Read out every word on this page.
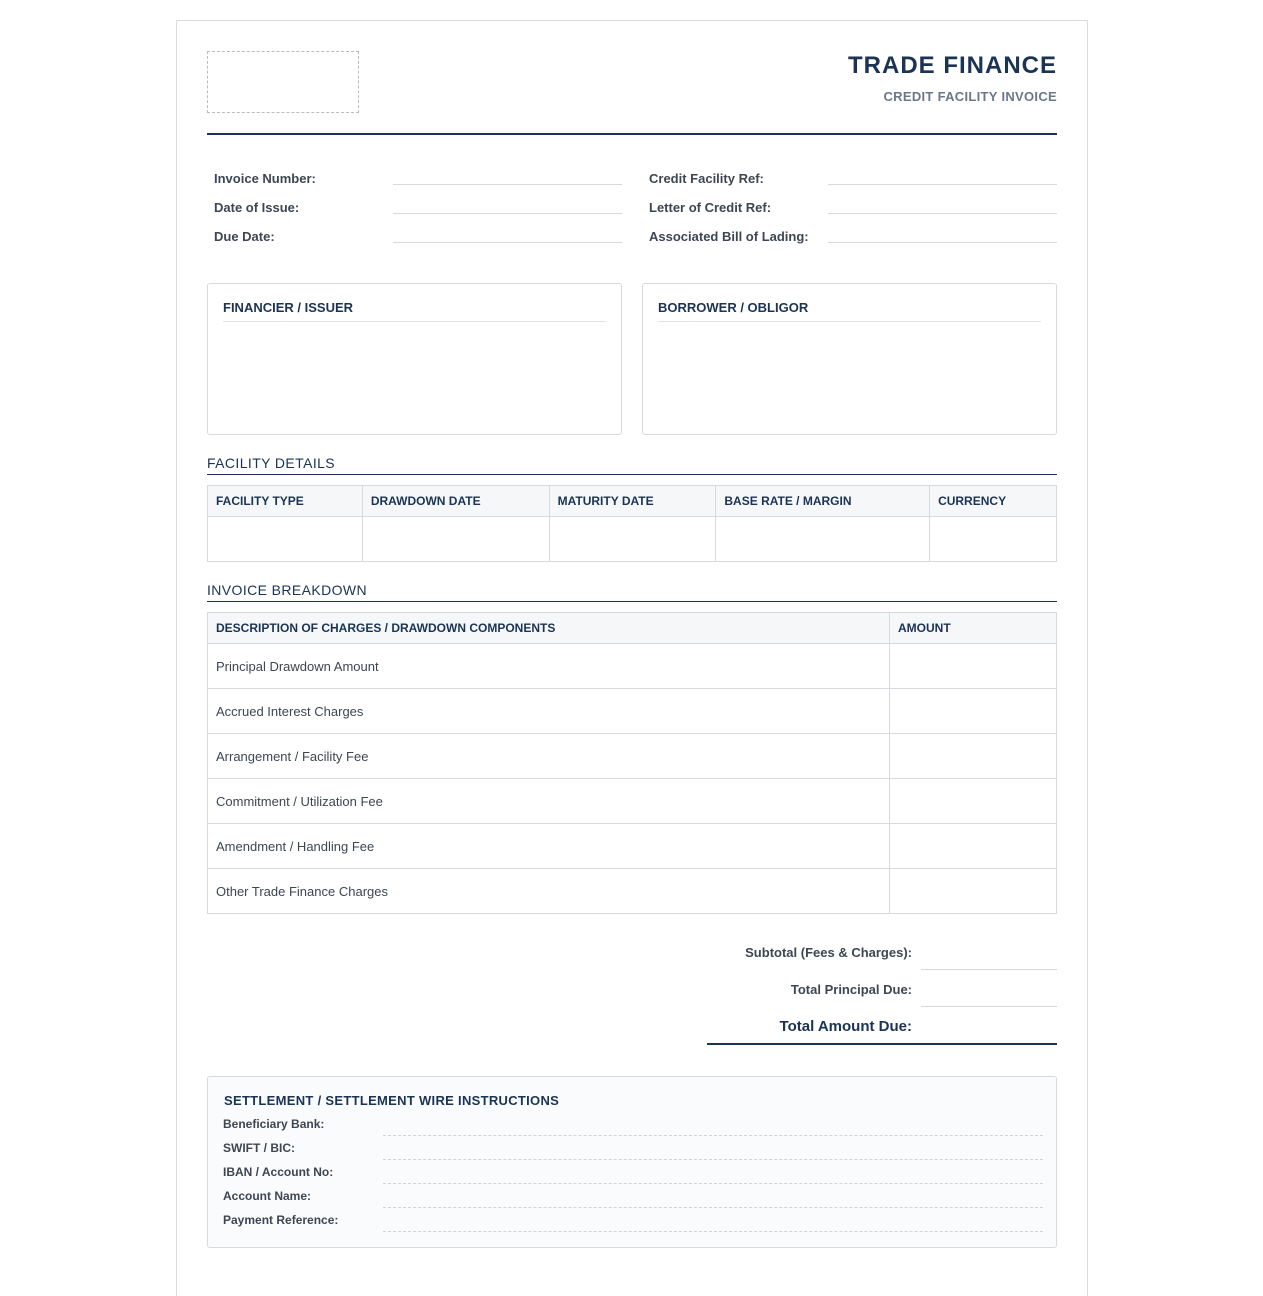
TRADE FINANCE
CREDIT FACILITY INVOICE
Invoice Number:
Date of Issue:
Due Date:
Credit Facility Ref:
Letter of Credit Ref:
Associated Bill of Lading:
FINANCIER / ISSUER	BORROWER / OBLIGOR
FACILITY DETAILS
FACILITY TYPE	DRAWDOWN DATE	MATURITY DATE	BASE RATE / MARGIN	CURRENCY

INVOICE BREAKDOWN
DESCRIPTION OF CHARGES / DRAWDOWN COMPONENTS	AMOUNT
Principal Drawdown Amount	
Accrued Interest Charges	
Arrangement / Facility Fee	
Commitment / Utilization Fee	
Amendment / Handling Fee	
Other Trade Finance Charges	
Subtotal (Fees & Charges):
Total Principal Due:
Total Amount Due:
SETTLEMENT / SETTLEMENT WIRE INSTRUCTIONS
Beneficiary Bank:
SWIFT / BIC:
IBAN / Account No:
Account Name:
Payment Reference:
